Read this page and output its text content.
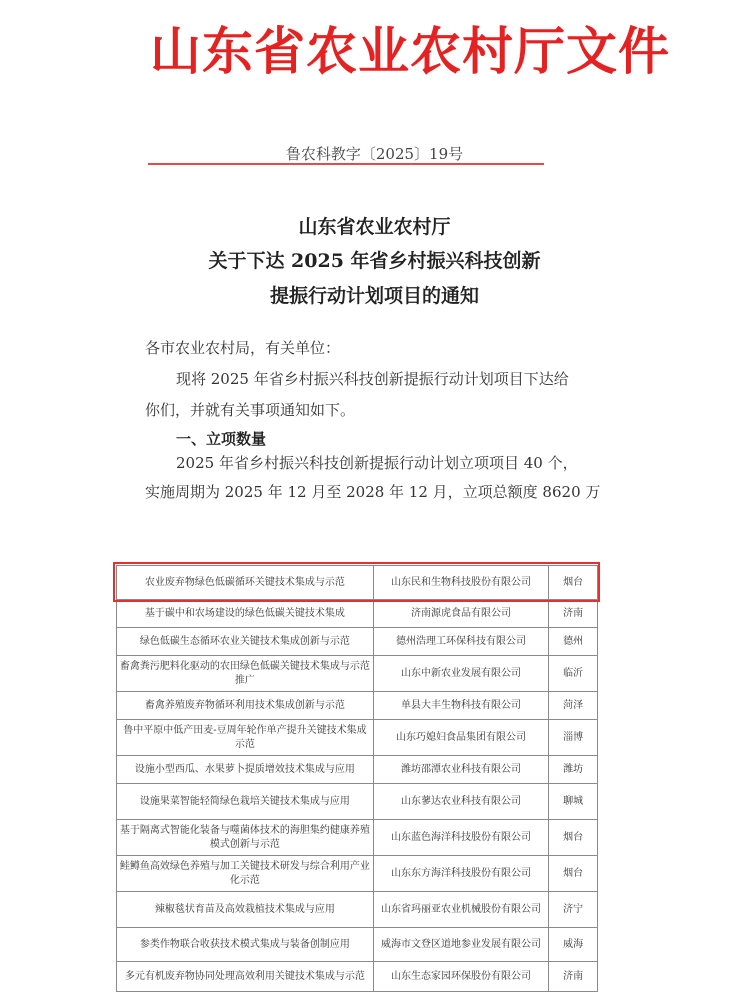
山东省农业农村厅文件
鲁农科教字〔2025〕19号
山东省农业农村厅
关于下达 2025 年省乡村振兴科技创新
提振行动计划项目的通知
各市农业农村局，有关单位：
现将 2025 年省乡村振兴科技创新提振行动计划项目下达给
你们，并就有关事项通知如下。
一、立项数量
2025 年省乡村振兴科技创新提振行动计划立项项目 40 个，
实施周期为 2025 年 12 月至 2028 年 12 月，立项总额度 8620 万
农业废弃物绿色低碳循环关键技术集成与示范	山东民和生物科技股份有限公司	烟台
基于碳中和农场建设的绿色低碳关键技术集成	济南源虎食品有限公司	济南
绿色低碳生态循环农业关键技术集成创新与示范	德州浩理工环保科技有限公司	德州
畜禽粪污肥料化驱动的农田绿色低碳关键技术集成与示范推广	山东中新农业发展有限公司	临沂
畜禽养殖废弃物循环利用技术集成创新与示范	单县大丰生物科技有限公司	菏泽
鲁中平原中低产田麦-豆周年轮作单产提升关键技术集成示范	山东巧媳妇食品集团有限公司	淄博
设施小型西瓜、水果萝卜提质增效技术集成与应用	潍坊邵潭农业科技有限公司	潍坊
设施果菜智能轻简绿色栽培关键技术集成与应用	山东蓼达农业科技有限公司	聊城
基于隔离式智能化装备与噬菌体技术的海胆集约健康养殖模式创新与示范	山东蓝色海洋科技股份有限公司	烟台
鲑鳟鱼高效绿色养殖与加工关键技术研发与综合利用产业化示范	山东东方海洋科技股份有限公司	烟台
辣椒毯状育苗及高效栽植技术集成与应用	山东省玛丽亚农业机械股份有限公司	济宁
参类作物联合收获技术模式集成与装备创制应用	威海市文登区道地参业发展有限公司	威海
多元有机废弃物协同处理高效利用关键技术集成与示范	山东生态家园环保股份有限公司	济南
